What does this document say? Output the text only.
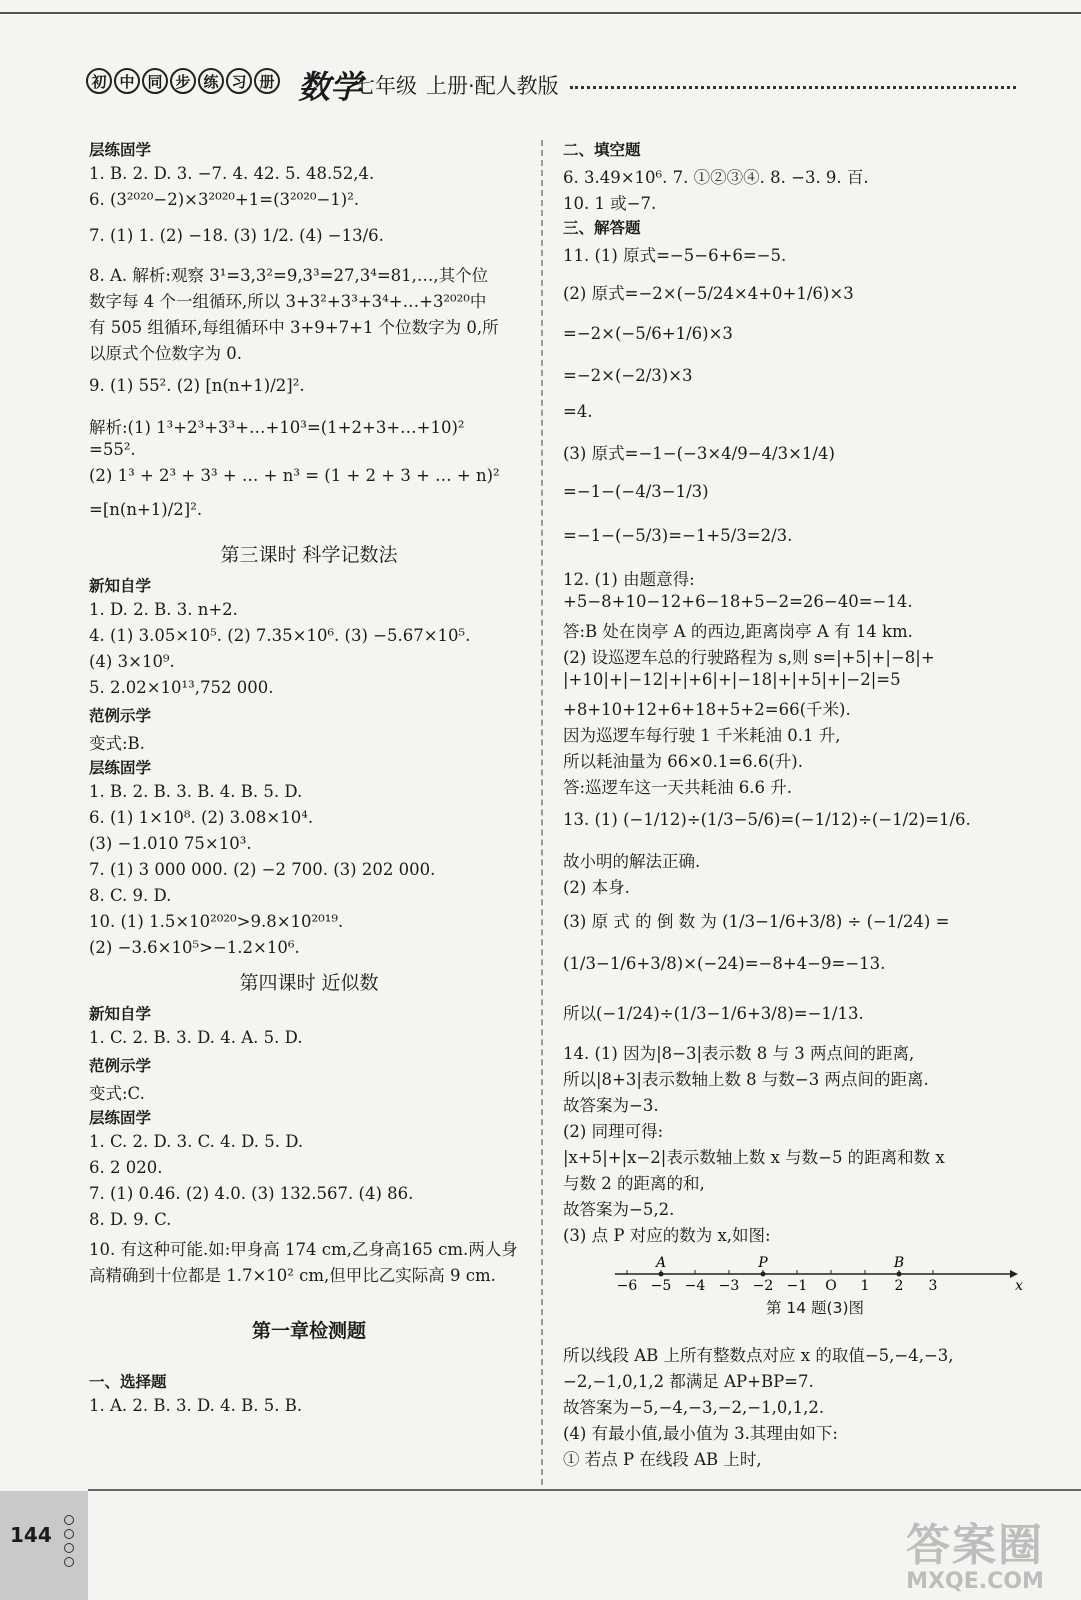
初 中 同 步 练 习 册 数学
七年级 上册·配人教版
层练固学
1. B. 2. D. 3. −7. 4. 42. 5. 48.52,4.
6. (3²⁰²⁰−2)×3²⁰²⁰+1=(3²⁰²⁰−1)².
7. (1) 1. (2) −18. (3) 1/2. (4) −13/6.
8. A. 解析:观察 3¹=3,3²=9,3³=27,3⁴=81,…,其个位
数字每 4 个一组循环,所以 3+3²+3³+3⁴+…+3²⁰²⁰中
有 505 组循环,每组循环中 3+9+7+1 个位数字为 0,所
以原式个位数字为 0.
9. (1) 55². (2) [n(n+1)/2]².
解析:(1) 1³+2³+3³+…+10³=(1+2+3+…+10)²
=55².
(2) 1³ + 2³ + 3³ + … + n³ = (1 + 2 + 3 + … + n)²
=[n(n+1)/2]².
第三课时 科学记数法
新知自学
1. D. 2. B. 3. n+2.
4. (1) 3.05×10⁵. (2) 7.35×10⁶. (3) −5.67×10⁵.
(4) 3×10⁹.
5. 2.02×10¹³,752 000.
范例示学
变式:B.
层练固学
1. B. 2. B. 3. B. 4. B. 5. D.
6. (1) 1×10⁸. (2) 3.08×10⁴.
(3) −1.010 75×10³.
7. (1) 3 000 000. (2) −2 700. (3) 202 000.
8. C. 9. D.
10. (1) 1.5×10²⁰²⁰>9.8×10²⁰¹⁹.
(2) −3.6×10⁵>−1.2×10⁶.
第四课时 近似数
新知自学
1. C. 2. B. 3. D. 4. A. 5. D.
范例示学
变式:C.
层练固学
1. C. 2. D. 3. C. 4. D. 5. D.
6. 2 020.
7. (1) 0.46. (2) 4.0. (3) 132.567. (4) 86.
8. D. 9. C.
10. 有这种可能.如:甲身高 174 cm,乙身高165 cm.两人身
高精确到十位都是 1.7×10² cm,但甲比乙实际高 9 cm.
第一章检测题
一、选择题
1. A. 2. B. 3. D. 4. B. 5. B.
x
−6 −5 −4 −3 −2 −1 O 1 2 3
A	P	B
第 14 题(3)图
二、填空题
6. 3.49×10⁶. 7. ①②③④. 8. −3. 9. 百.
10. 1 或−7.
三、解答题
11. (1) 原式=−5−6+6=−5.
(2) 原式=−2×(−5/24×4+0+1/6)×3
=−2×(−5/6+1/6)×3
=−2×(−2/3)×3
=4.
(3) 原式=−1−(−3×4/9−4/3×1/4)
=−1−(−4/3−1/3)
=−1−(−5/3)=−1+5/3=2/3.
12. (1) 由题意得:
+5−8+10−12+6−18+5−2=26−40=−14.
答:B 处在岗亭 A 的西边,距离岗亭 A 有 14 km.
(2) 设巡逻车总的行驶路程为 s,则 s=|+5|+|−8|+
|+10|+|−12|+|+6|+|−18|+|+5|+|−2|=5
+8+10+12+6+18+5+2=66(千米).
因为巡逻车每行驶 1 千米耗油 0.1 升,
所以耗油量为 66×0.1=6.6(升).
答:巡逻车这一天共耗油 6.6 升.
13. (1) (−1/12)÷(1/3−5/6)=(−1/12)÷(−1/2)=1/6.
故小明的解法正确.
(2) 本身.
(3) 原 式 的 倒 数 为 (1/3−1/6+3/8) ÷ (−1/24) =
(1/3−1/6+3/8)×(−24)=−8+4−9=−13.
所以(−1/24)÷(1/3−1/6+3/8)=−1/13.
14. (1) 因为|8−3|表示数 8 与 3 两点间的距离,
所以|8+3|表示数轴上数 8 与数−3 两点间的距离.
故答案为−3.
(2) 同理可得:
|x+5|+|x−2|表示数轴上数 x 与数−5 的距离和数 x
与数 2 的距离的和,
故答案为−5,2.
(3) 点 P 对应的数为 x,如图:
所以线段 AB 上所有整数点对应 x 的取值−5,−4,−3,
−2,−1,0,1,2 都满足 AP+BP=7.
故答案为−5,−4,−3,−2,−1,0,1,2.
(4) 有最小值,最小值为 3.其理由如下:
① 若点 P 在线段 AB 上时,
144	答案圈
MXQE.COM
